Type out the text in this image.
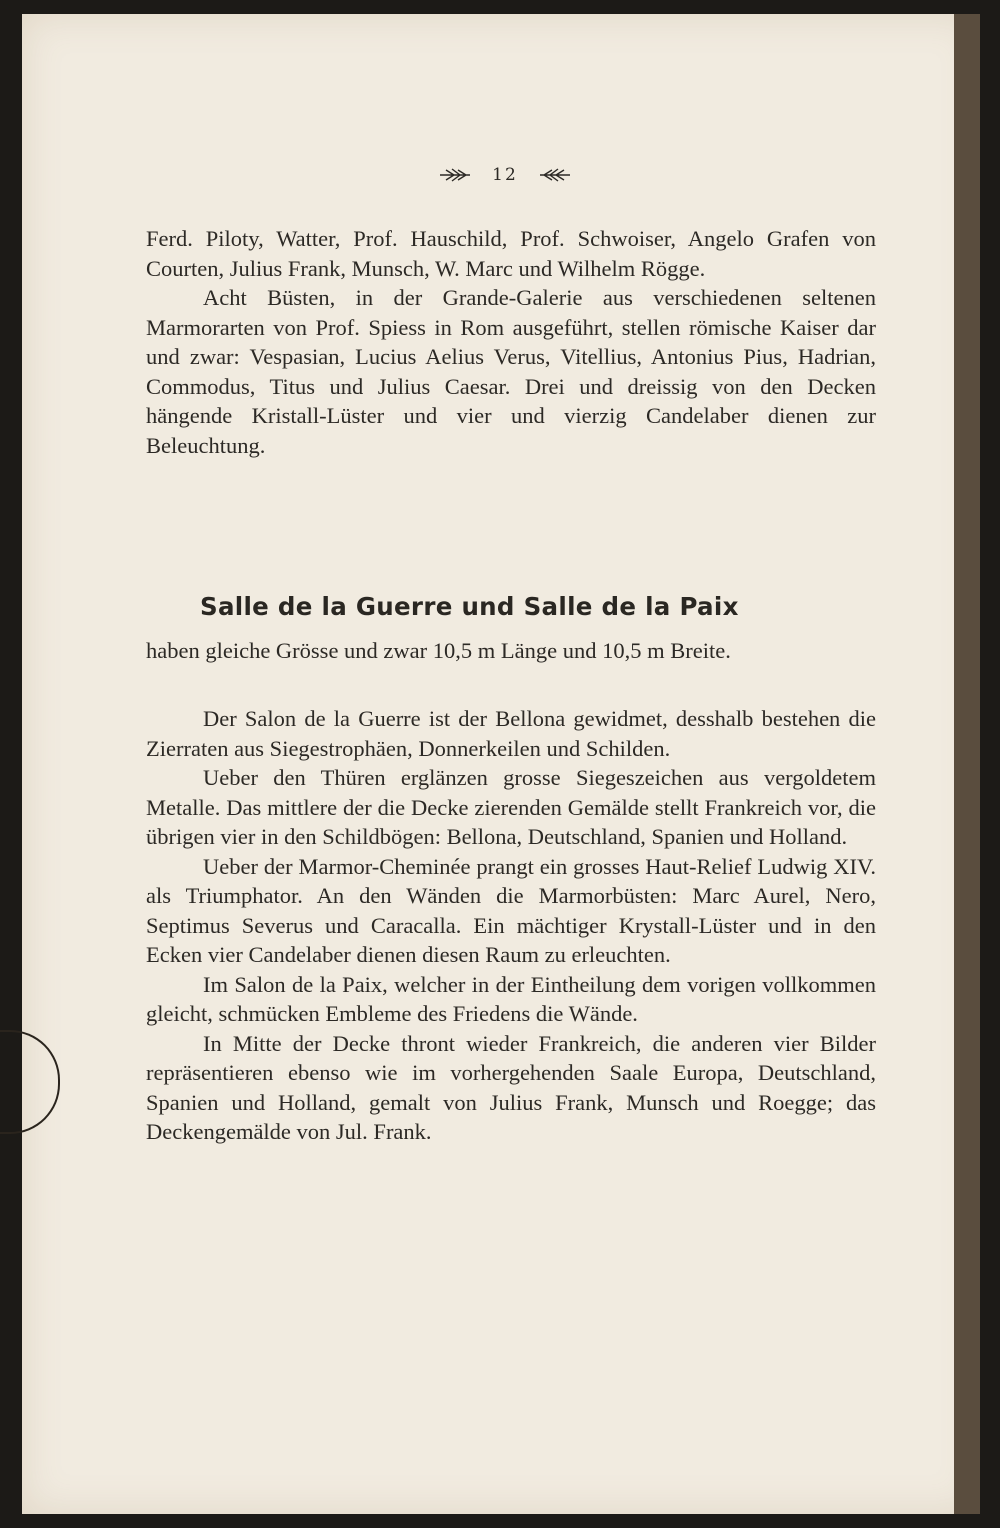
12

Ferd. Piloty, Watter, Prof. Hauschild, Prof. Schwoiser, Angelo Grafen von Courten, Julius Frank, Munsch, W. Marc und Wilhelm Rögge.

Acht Büsten, in der Grande-Galerie aus verschiedenen seltenen Marmorarten von Prof. Spiess in Rom ausgeführt, stellen römische Kaiser dar und zwar: Vespasian, Lucius Aelius Verus, Vitellius, Antonius Pius, Hadrian, Commodus, Titus und Julius Caesar. Drei und dreissig von den Decken hängende Kristall-Lüster und vier und vierzig Candelaber dienen zur Beleuchtung.

Salle de la Guerre und Salle de la Paix
haben gleiche Grösse und zwar 10,5 m Länge und 10,5 m Breite.

Der Salon de la Guerre ist der Bellona gewidmet, desshalb bestehen die Zierraten aus Siegestrophäen, Donnerkeilen und Schilden.

Ueber den Thüren erglänzen grosse Siegeszeichen aus vergoldetem Metalle. Das mittlere der die Decke zierenden Gemälde stellt Frankreich vor, die übrigen vier in den Schildbögen: Bellona, Deutschland, Spanien und Holland.

Ueber der Marmor-Cheminée prangt ein grosses Haut-Relief Ludwig XIV. als Triumphator. An den Wänden die Marmorbüsten: Marc Aurel, Nero, Septimus Severus und Caracalla. Ein mächtiger Krystall-Lüster und in den Ecken vier Candelaber dienen diesen Raum zu erleuchten.

Im Salon de la Paix, welcher in der Eintheilung dem vorigen vollkommen gleicht, schmücken Embleme des Friedens die Wände.

In Mitte der Decke thront wieder Frankreich, die anderen vier Bilder repräsentieren ebenso wie im vorhergehenden Saale Europa, Deutschland, Spanien und Holland, gemalt von Julius Frank, Munsch und Roegge; das Deckengemälde von Jul. Frank.
